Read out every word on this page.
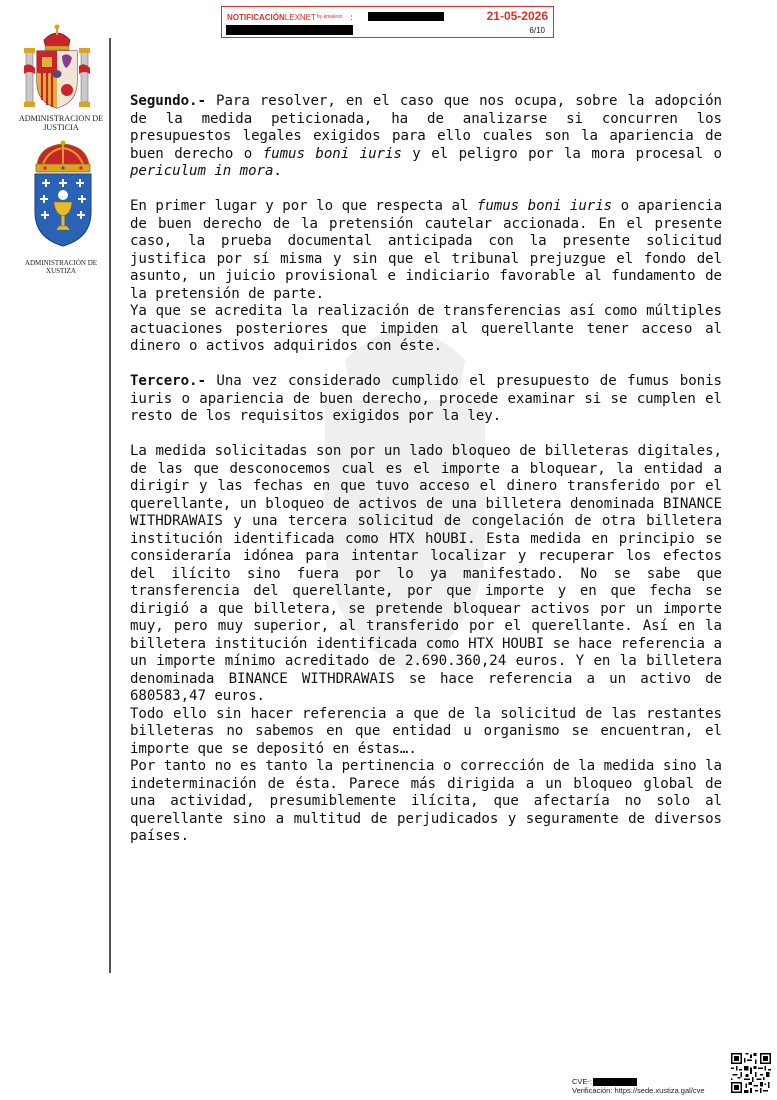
NOTIFICACIÓN LEXNET by kmaleon :	21-05-2026
6/10
ADMINISTRACION DE JUSTICIA
ADMINISTRACIÓN DE XUSTIZA

Segundo.- Para resolver, en el caso que nos ocupa, sobre la adopción de la medida peticionada, ha de analizarse si concurren los presupuestos legales exigidos para ello cuales son la apariencia de buen derecho o fumus boni iuris y el peligro por la mora procesal o periculum in mora.

En primer lugar y por lo que respecta al fumus boni iuris o apariencia de buen derecho de la pretensión cautelar accionada. En el presente caso, la prueba documental anticipada con la presente solicitud justifica por sí misma y sin que el tribunal prejuzgue el fondo del asunto, un juicio provisional e indiciario favorable al fundamento de la pretensión de parte.

Ya que se acredita la realización de transferencias así como múltiples actuaciones posteriores que impiden al querellante tener acceso al dinero o activos adquiridos con éste.

Tercero.- Una vez considerado cumplido el presupuesto de fumus bonis iuris o apariencia de buen derecho, procede examinar si se cumplen el resto de los requisitos exigidos por la ley.

La medida solicitadas son por un lado bloqueo de billeteras digitales, de las que desconocemos cual es el importe a bloquear, la entidad a dirigir y las fechas en que tuvo acceso el dinero transferido por el querellante, un bloqueo de activos de una billetera denominada BINANCE WITHDRAWAIS y una tercera solicitud de congelación de otra billetera institución identificada como HTX hOUBI. Esta medida en principio se consideraría idónea para intentar localizar y recuperar los efectos del ilícito sino fuera por lo ya manifestado. No se sabe que transferencia del querellante, por que importe y en que fecha se dirigió a que billetera, se pretende bloquear activos por un importe muy, pero muy superior, al transferido por el querellante. Así en la billetera institución identificada como HTX HOUBI se hace referencia a un importe mínimo acreditado de 2.690.360,24 euros. Y en la billetera denominada BINANCE WITHDRAWAIS se hace referencia a un activo de 680583,47 euros.

Todo ello sin hacer referencia a que de la solicitud de las restantes billeteras no sabemos en que entidad u organismo se encuentran, el importe que se depositó en éstas….

Por tanto no es tanto la pertinencia o corrección de la medida sino la indeterminación de ésta. Parece más dirigida a un bloqueo global de una actividad, presumiblemente ilícita, que afectaría no solo al querellante sino a multitud de perjudicados y seguramente de diversos países.

CVE-:
Verificación: https://sede.xustiza.gal/cve
